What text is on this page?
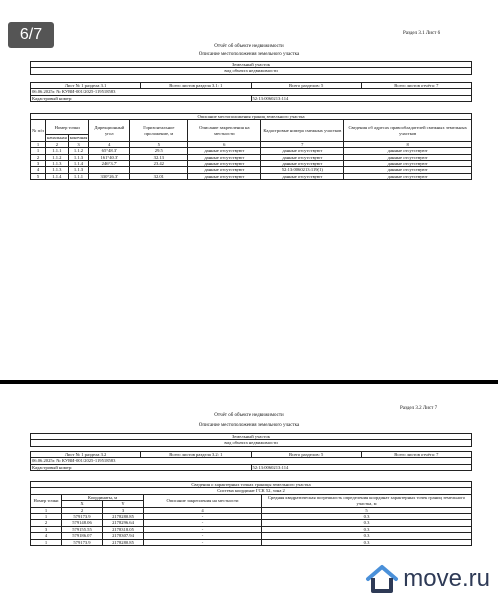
Раздел 3.1 Лист 6
Отчёт об объекте недвижимости
Описание местоположения земельного участка
Земельный участок			
вид объекта недвижимости			

Лист № 1 раздела 3.1	Всего листов раздела 3.1: 1	Всего разделов: 5	Всего листов отчёта: 7
06.06.2025г. № КУВИ-001/2025-119518583			
Кадастровый номер:		52:13:0060213:114	
Описание местоположения границ земельного участка							
№ п/п	Номер точки		Дирекционный угол	Горизонтальное проложение, м	Описание закрепления на местности	Кадастровые номера смежных участков	Сведения об адресах правообладателей смежных земельных участков
	начальная	конечная					
1	2	3	4	5	6	7	8
1	1.1.1	1.1.2	65°48.3'	29.5	данные отсутствуют	данные отсутствуют	данные отсутствуют
2	1.1.2	1.1.3	161°40.3'	32.13	данные отсутствуют	данные отсутствуют	данные отсутствуют
3	1.1.3	1.1.4	246°3.7'	23.42	данные отсутствуют	данные отсутствуют	данные отсутствуют
4	1.1.3	1.1.3			данные отсутствуют	52:13:0060213:119(1)	данные отсутствуют
5	1.1.4	1.1.1	330°26.3'	32.01	данные отсутствуют	данные отсутствуют	данные отсутствуют
6/7
Раздел 3.2 Лист 7
Отчёт об объекте недвижимости
Описание местоположения земельного участка
Земельный участок			
вид объекта недвижимости			

Лист № 1 раздела 3.2	Всего листов раздела 3.2: 1	Всего разделов: 5	Всего листов отчёта: 7
06.06.2025г. № КУВИ-001/2025-119518583			
Кадастровый номер:		52:13:0060213:114	
Сведения о характерных точках границы земельного участка				
Система координат ГСК 52, зона 2				
Номер точки	Координаты, м		Описание закрепления на местности	Средняя квадратическая погрешность определения координат характерных точек границ земельного участка, м
	X	Y		
1	2	3	4	5
1	579173.9	2178280.85	-	0.3
2	579148.06	2178296.64	-	0.3
3	579155.55	2178318.05	-	0.3
4	579186.07	2178307.94	-	0.3
1	579173.9	2178280.85	-	0.3
move.ru
